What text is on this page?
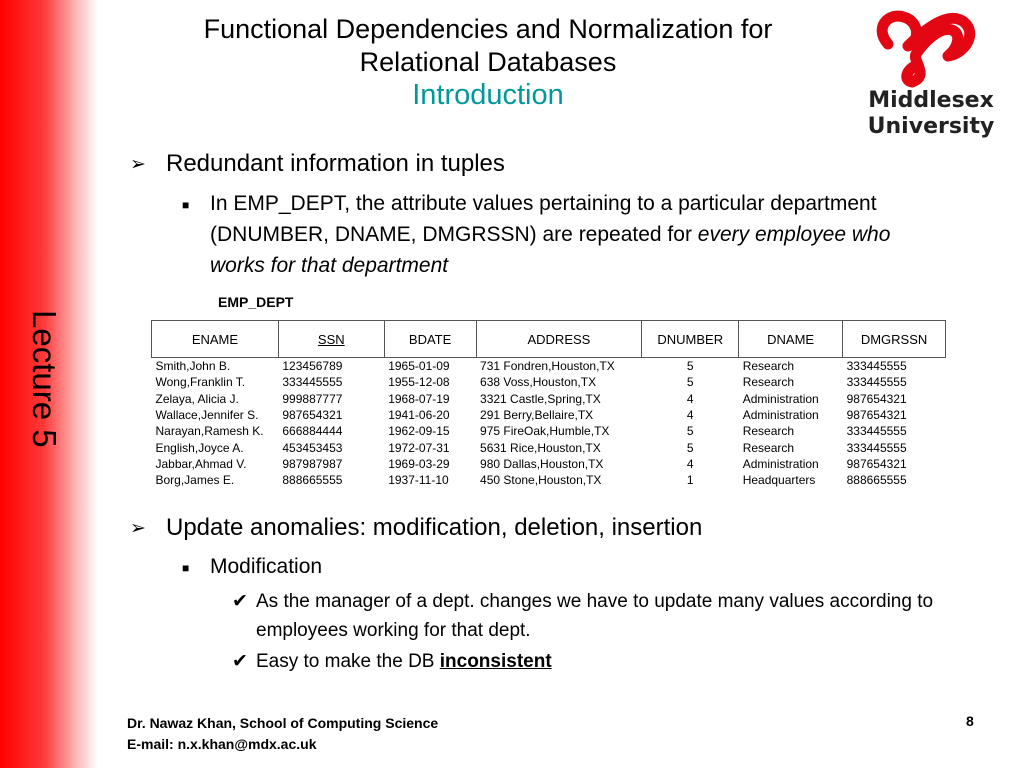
Lecture 5
Functional Dependencies and Normalization for
Relational Databases
Introduction	Middlesex
University
➢ Redundant information in tuples
■ In EMP_DEPT, the attribute values pertaining to a particular department (DNUMBER, DNAME, DMGRSSN) are repeated for every employee who works for that department
EMP_DEPT
ENAME	SSN	BDATE	ADDRESS	DNUMBER	DNAME	DMGRSSN
Smith,John B.	123456789	1965-01-09	731 Fondren,Houston,TX	5	Research	333445555
Wong,Franklin T.	333445555	1955-12-08	638 Voss,Houston,TX	5	Research	333445555
Zelaya, Alicia J.	999887777	1968-07-19	3321 Castle,Spring,TX	4	Administration	987654321
Wallace,Jennifer S.	987654321	1941-06-20	291 Berry,Bellaire,TX	4	Administration	987654321
Narayan,Ramesh K.	666884444	1962-09-15	975 FireOak,Humble,TX	5	Research	333445555
English,Joyce A.	453453453	1972-07-31	5631 Rice,Houston,TX	5	Research	333445555
Jabbar,Ahmad V.	987987987	1969-03-29	980 Dallas,Houston,TX	4	Administration	987654321
Borg,James E.	888665555	1937-11-10	450 Stone,Houston,TX	1	Headquarters	888665555
➢ Update anomalies: modification, deletion, insertion
■ Modification
✔ As the manager of a dept. changes we have to update many values according to employees working for that dept.
✔ Easy to make the DB inconsistent
Dr. Nawaz Khan, School of Computing Science
E-mail: n.x.khan@mdx.ac.uk
8
